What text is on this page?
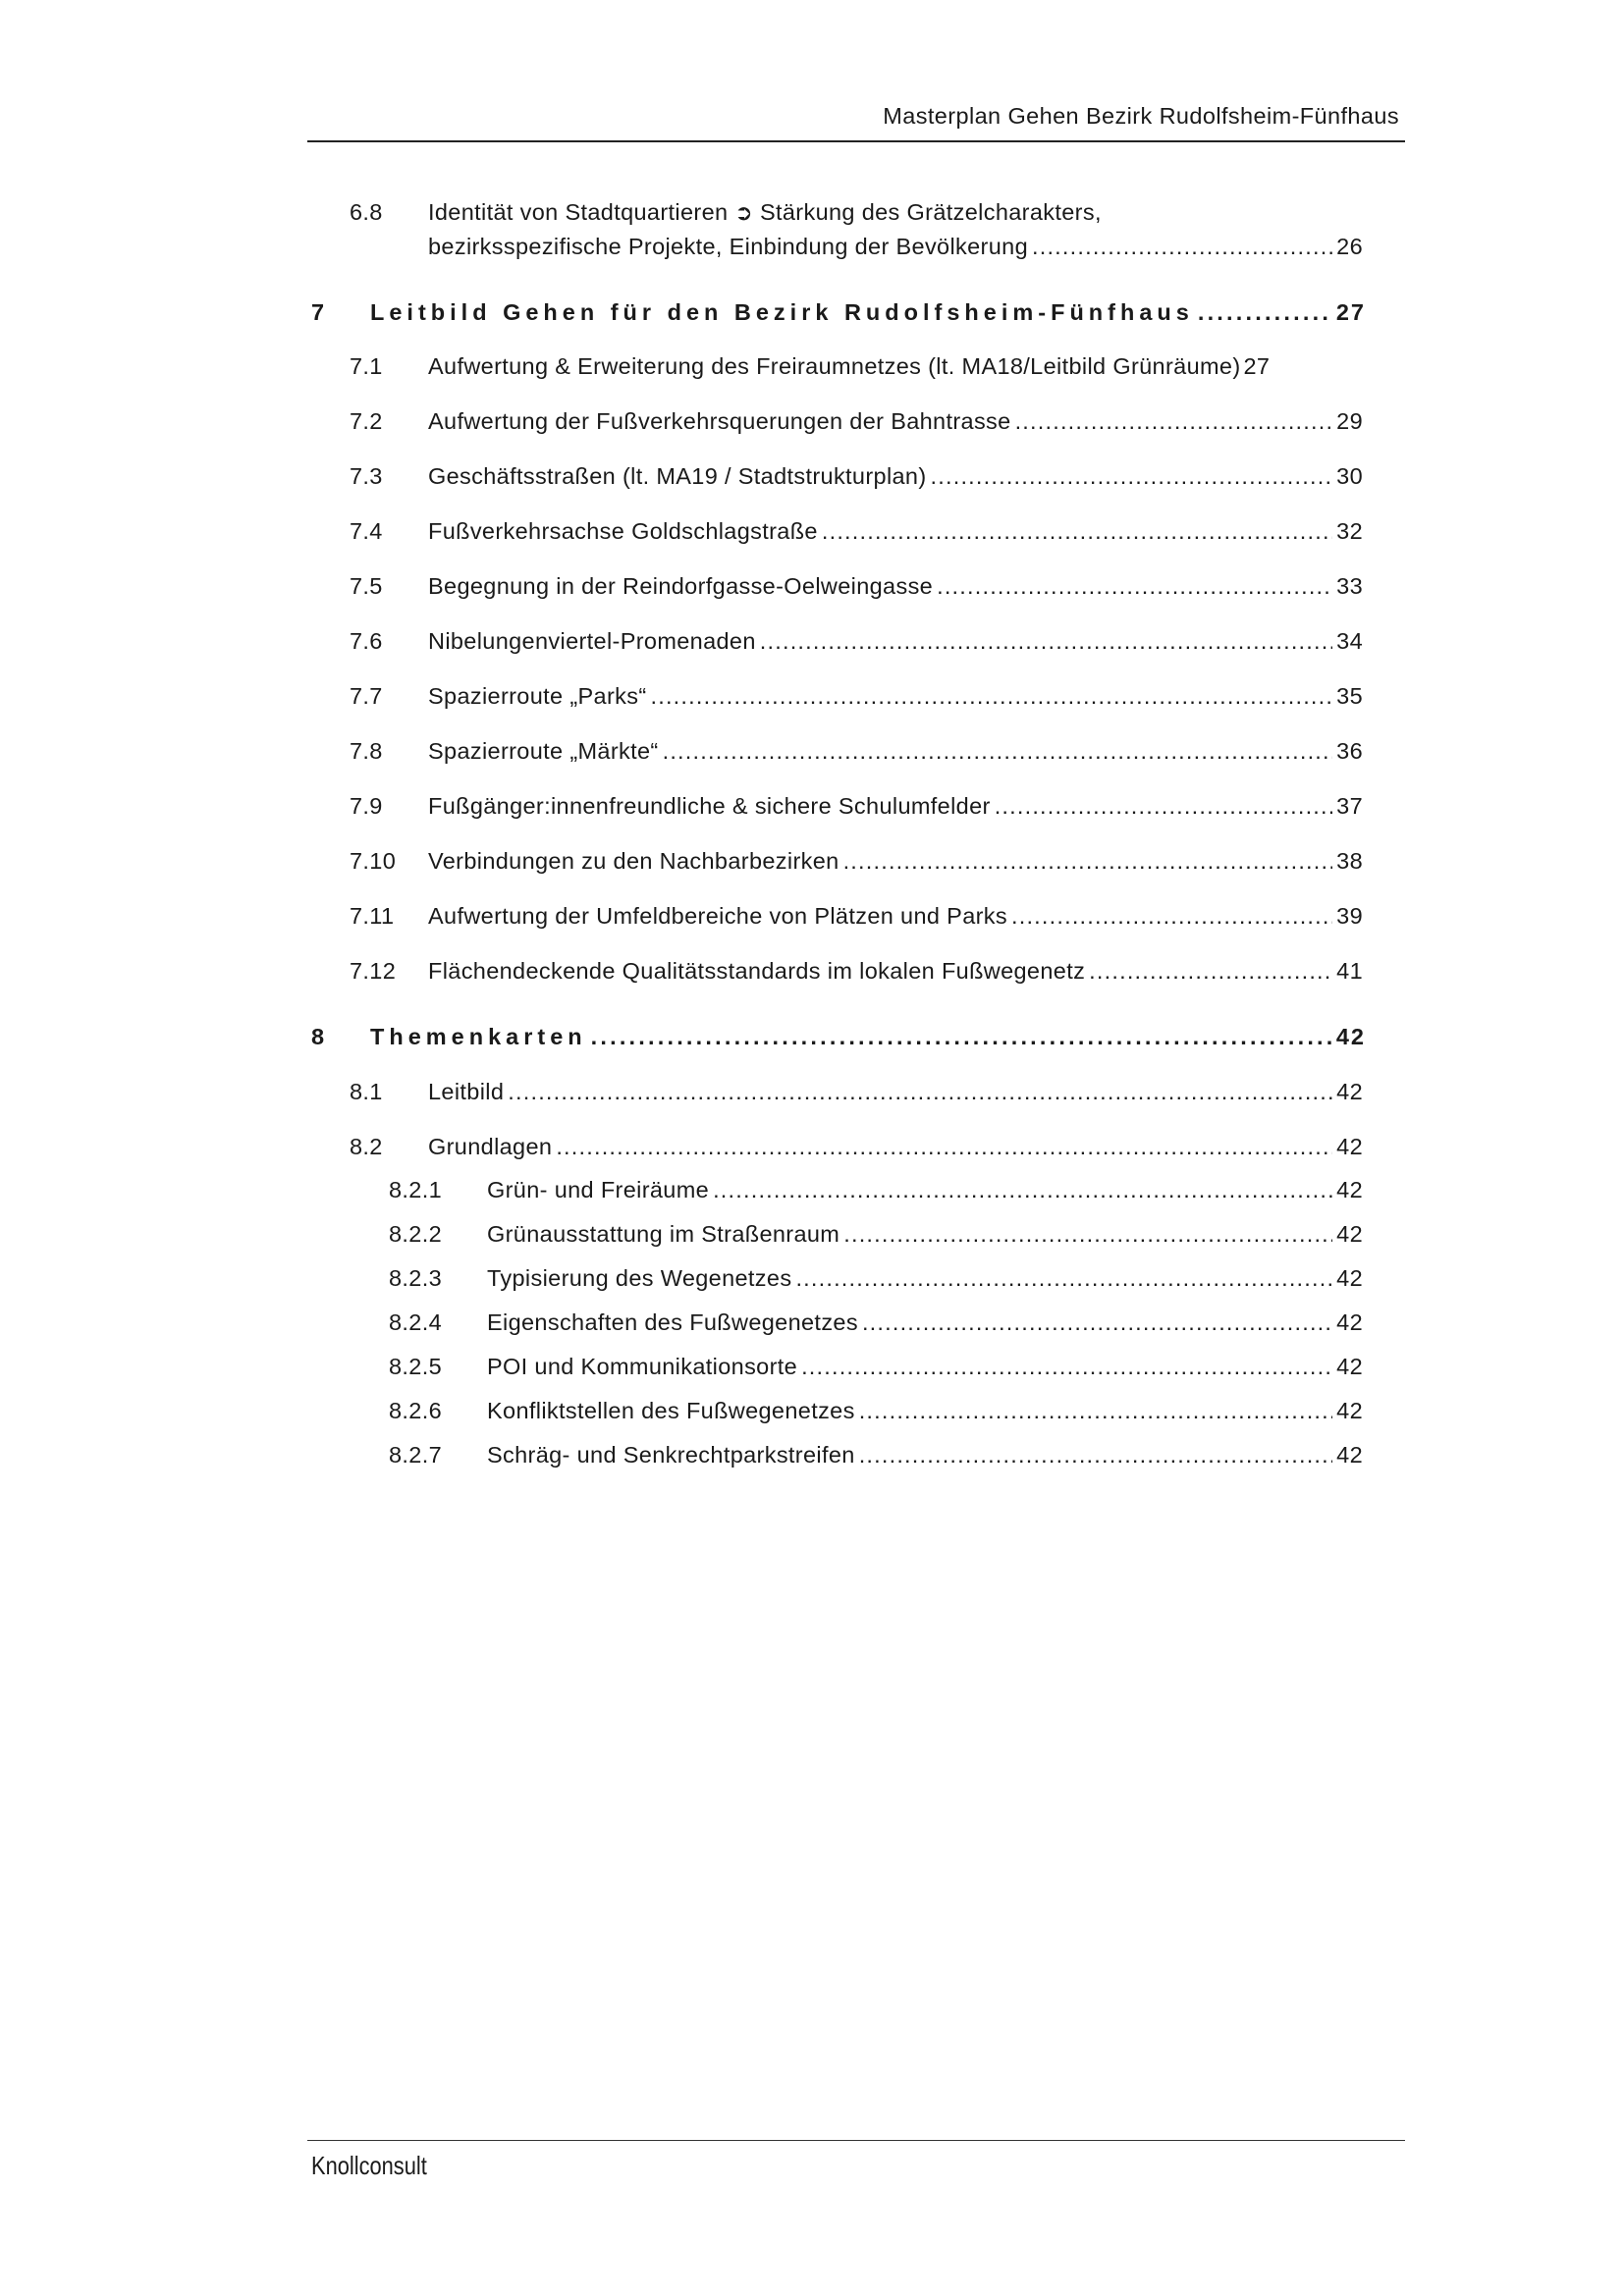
Masterplan Gehen Bezirk Rudolfsheim-Fünfhaus
6.8 Identität von Stadtquartieren ➲ Stärkung des Grätzelcharakters,
bezirksspezifische Projekte, Einbindung der Bevölkerung .....	26
7 Leitbild Gehen für den Bezirk Rudolfsheim-Fünfhaus .....	27
7.1 Aufwertung & Erweiterung des Freiraumnetzes (lt. MA18/Leitbild Grünräume) 27
7.2 Aufwertung der Fußverkehrsquerungen der Bahntrasse .....	29
7.3 Geschäftsstraßen (lt. MA19 / Stadtstrukturplan) .....	30
7.4 Fußverkehrsachse Goldschlagstraße .....	32
7.5 Begegnung in der Reindorfgasse-Oelweingasse .....	33
7.6 Nibelungenviertel-Promenaden .....	34
7.7 Spazierroute „Parks“ .....	35
7.8 Spazierroute „Märkte“ .....	36
7.9 Fußgänger:innenfreundliche & sichere Schulumfelder .....	37
7.10 Verbindungen zu den Nachbarbezirken .....	38
7.11 Aufwertung der Umfeldbereiche von Plätzen und Parks .....	39
7.12 Flächendeckende Qualitätsstandards im lokalen Fußwegenetz .....	41
8 Themenkarten .....	42
8.1 Leitbild .....	42
8.2 Grundlagen .....	42
8.2.1 Grün- und Freiräume .....	42
8.2.2 Grünausstattung im Straßenraum .....	42
8.2.3 Typisierung des Wegenetzes .....	42
8.2.4 Eigenschaften des Fußwegenetzes .....	42
8.2.5 POI und Kommunikationsorte .....	42
8.2.6 Konfliktstellen des Fußwegenetzes .....	42
8.2.7 Schräg- und Senkrechtparkstreifen .....	42
Knollconsult
